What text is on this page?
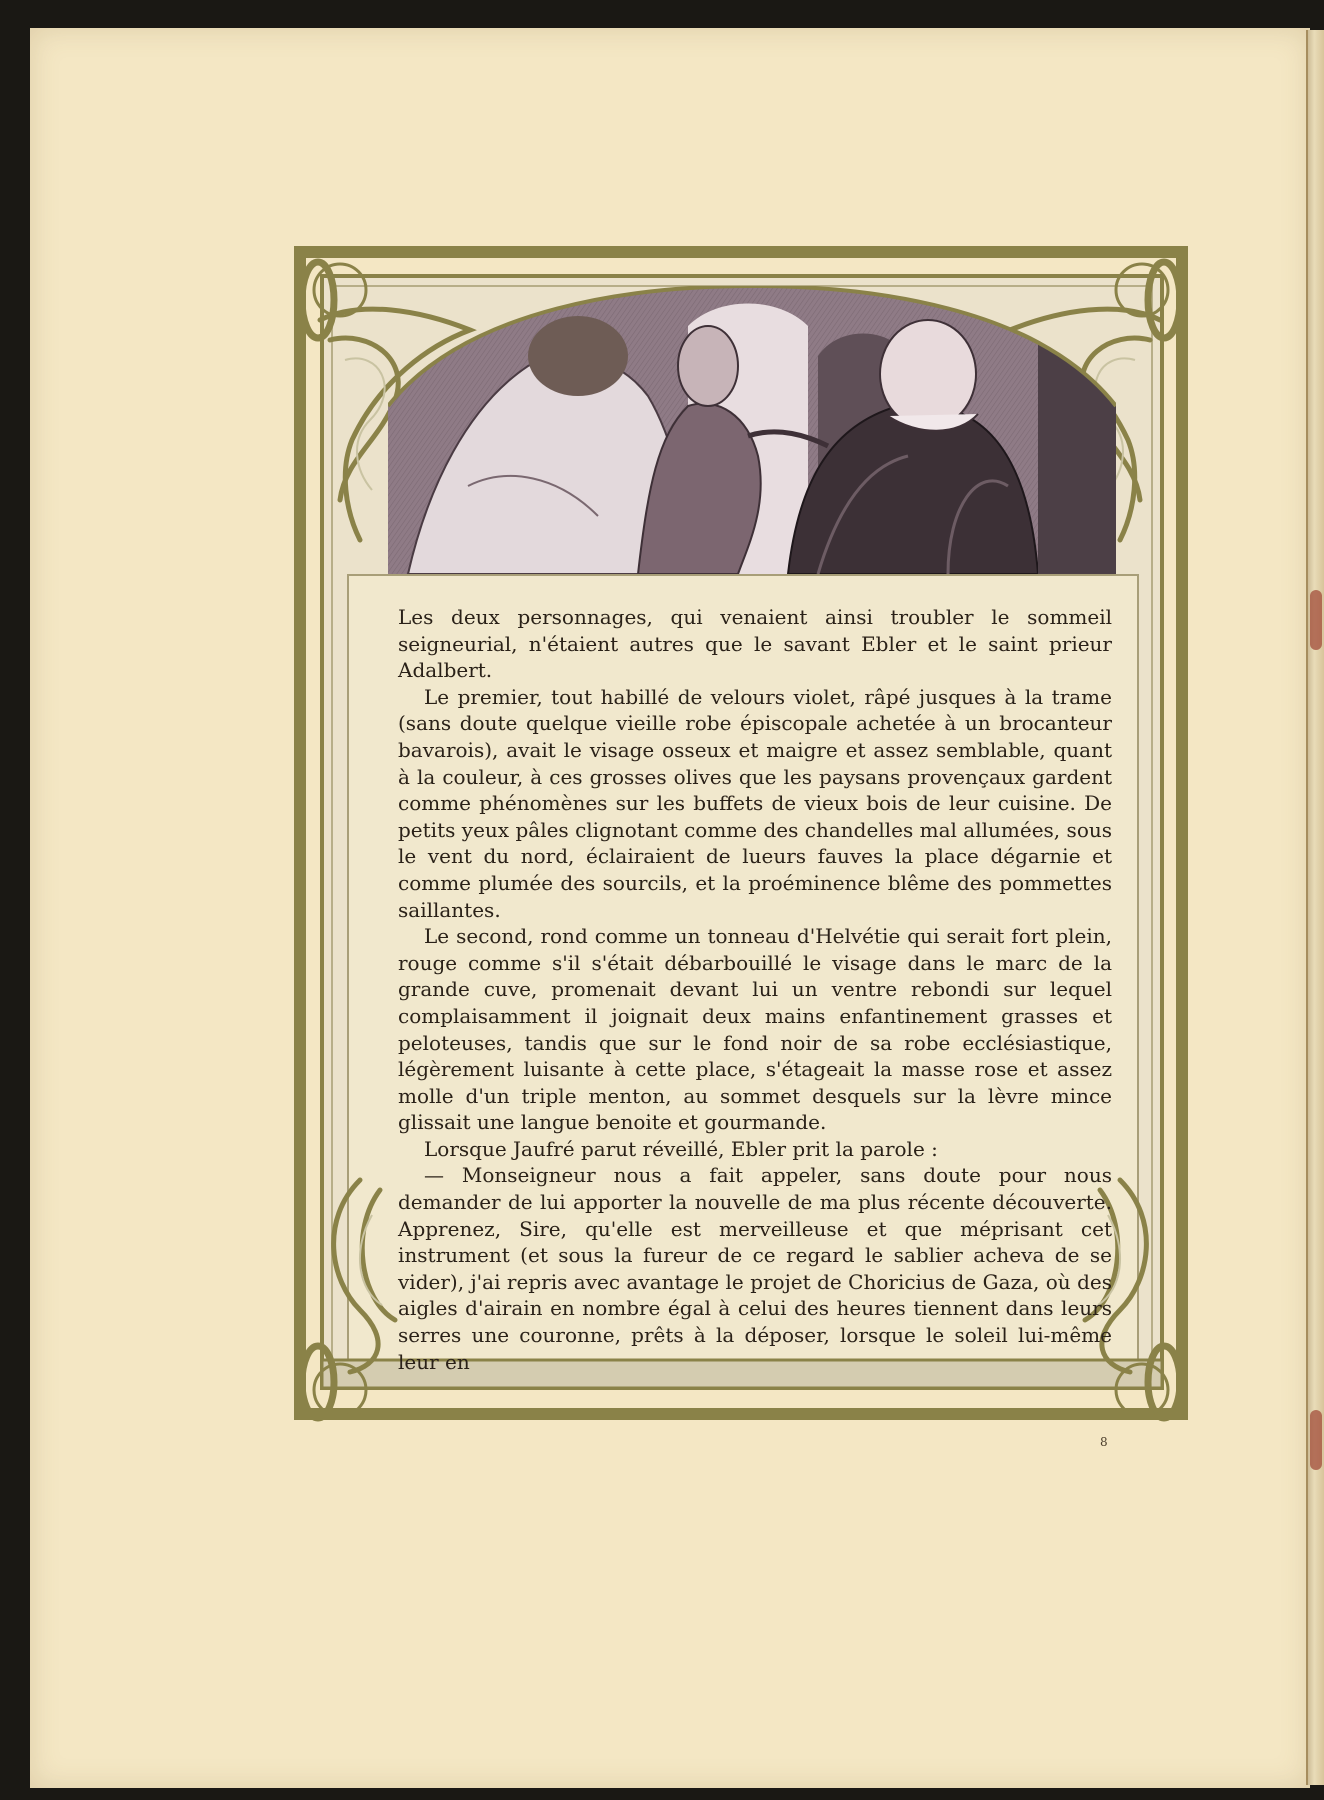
Les deux personnages, qui venaient ainsi troubler le sommeil seigneurial, n'étaient autres que le savant Ebler et le saint prieur Adalbert.

Le premier, tout habillé de velours violet, râpé jusques à la trame (sans doute quelque vieille robe épiscopale achetée à un brocanteur bavarois), avait le visage osseux et maigre et assez semblable, quant à la couleur, à ces grosses olives que les paysans provençaux gardent comme phénomènes sur les buffets de vieux bois de leur cuisine. De petits yeux pâles clignotant comme des chandelles mal allumées, sous le vent du nord, éclairaient de lueurs fauves la place dégarnie et comme plumée des sourcils, et la proéminence blême des pommettes saillantes.

Le second, rond comme un tonneau d'Helvétie qui serait fort plein, rouge comme s'il s'était débarbouillé le visage dans le marc de la grande cuve, promenait devant lui un ventre rebondi sur lequel complaisamment il joignait deux mains enfantinement grasses et peloteuses, tandis que sur le fond noir de sa robe ecclésiastique, légèrement luisante à cette place, s'étageait la masse rose et assez molle d'un triple menton, au sommet desquels sur la lèvre mince glissait une langue benoite et gourmande.

Lorsque Jaufré parut réveillé, Ebler prit la parole :

— Monseigneur nous a fait appeler, sans doute pour nous demander de lui apporter la nouvelle de ma plus récente découverte. Apprenez, Sire, qu'elle est merveilleuse et que méprisant cet instrument (et sous la fureur de ce regard le sablier acheva de se vider), j'ai repris avec avantage le projet de Choricius de Gaza, où des aigles d'airain en nombre égal à celui des heures tiennent dans leurs serres une couronne, prêts à la déposer, lorsque le soleil lui-même leur en

8
